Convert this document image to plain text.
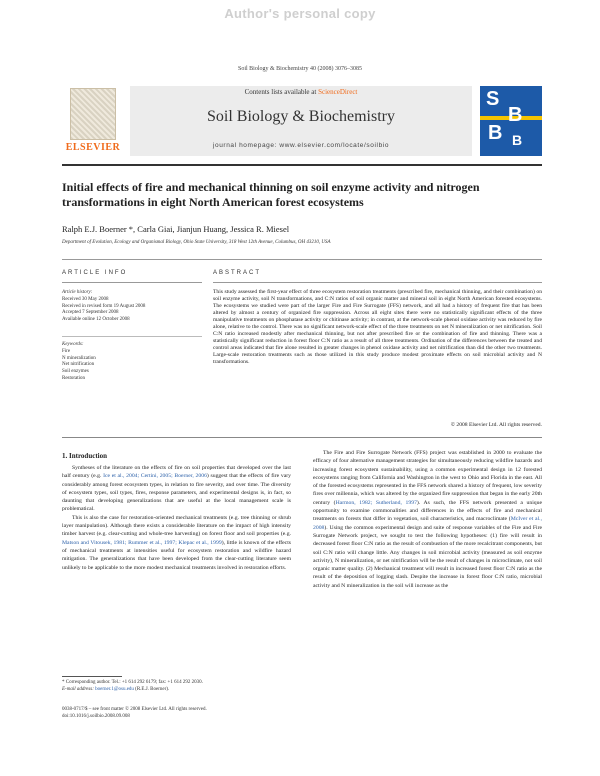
Author's personal copy
Soil Biology & Biochemistry 40 (2008) 3076–3085
ELSEVIER
Contents lists available at ScienceDirect
Soil Biology & Biochemistry
journal homepage: www.elsevier.com/locate/soilbio
S
B
B B
Initial effects of fire and mechanical thinning on soil enzyme activity and nitrogen transformations in eight North American forest ecosystems
Ralph E.J. Boerner *, Carla Giai, Jianjun Huang, Jessica R. Miesel
Department of Evolution, Ecology and Organismal Biology, Ohio State University, 318 West 12th Avenue, Columbus, OH 43210, USA
ARTICLE INFO	ABSTRACT
Article history:
Received 30 May 2008
Received in revised form 19 August 2008
Accepted 7 September 2008
Available online 12 October 2008
Keywords:
Fire
N mineralization
Net nitrification
Soil enzymes
Restoration
This study assessed the first-year effect of three ecosystem restoration treatments (prescribed fire, mechanical thinning, and their combination) on soil enzyme activity, soil N transformations, and C:N ratios of soil organic matter and mineral soil in eight North American forested ecosystems. The ecosystems we studied were part of the larger Fire and Fire Surrogate (FFS) network, and all had a history of frequent fire that has been altered by almost a century of organized fire suppression. Across all eight sites there were no statistically significant effects of the three manipulative treatments on phosphatase activity or chitinase activity; in contrast, at the network-scale phenol oxidase activity was reduced by fire alone, relative to the control. There was no significant network-scale effect of the three treatments on net N mineralization or net nitrification. Soil C:N ratio increased modestly after mechanical thinning, but not after prescribed fire or the combination of fire and thinning. There was a statistically significant reduction in forest floor C:N ratio as a result of all three treatments. Ordination of the differences between the treated and control areas indicated that fire alone resulted in greater changes in phenol oxidase activity and net nitrification than did the other two treatments. Large-scale restoration treatments such as those utilized in this study produce modest proximate effects on soil microbial activity and N transformations.
© 2008 Elsevier Ltd. All rights reserved.
1. Introduction

Syntheses of the literature on the effects of fire on soil properties that developed over the last half century (e.g. Ice et al., 2004; Certini, 2005; Boerner, 2006) suggest that the effects of fire vary considerably among forest ecosystem types, in relation to fire severity, and over time. The diversity of ecosystem types, soil types, fires, response parameters, and experimental designs is, in fact, so daunting that developing generalizations that are useful at the local management scale is problematical.

This is also the case for restoration-oriented mechanical treatments (e.g. tree thinning or shrub layer manipulation). Although there exists a considerable literature on the impact of high intensity timber harvest (e.g. clear-cutting and whole-tree harvesting) on forest floor and soil properties (e.g. Matson and Vitousek, 1981; Rummer et al., 1997; Klepac et al., 1999), little is known of the effects of mechanical treatments at intensities useful for ecosystem restoration and wildfire hazard mitigation. The generalizations that have been developed from the clear-cutting literature seem unlikely to be applicable to the more modest mechanical treatments involved in restoration efforts.

The Fire and Fire Surrogate Network (FFS) project was established in 2000 to evaluate the efficacy of four alternative management strategies for simultaneously reducing wildfire hazards and increasing forest ecosystem sustainability, using a common experimental design in 12 forested ecosystems ranging from California and Washington in the west to Ohio and Florida in the east. All of the forested ecosystems represented in the FFS network shared a history of frequent, low severity fires over millennia, which was altered by the organized fire suppression that began in the early 20th century (Harmon, 1982; Sutherland, 1997). As such, the FFS network presented a unique opportunity to examine commonalities and differences in the effects of fire and mechanical treatments on forests that differ in vegetation, soil characteristics, and macroclimate (McIver et al., 2008). Using the common experimental design and suite of response variables of the Fire and Fire Surrogate Network project, we sought to test the following hypotheses: (1) fire will result in decreased forest floor C:N ratio as the result of combustion of the more recalcitrant components, but soil C:N ratio will change little. Any changes in soil microbial activity (measured as soil enzyme activity), N mineralization, or net nitrification will be the result of changes in microclimate, not soil organic matter quality. (2) Mechanical treatment will result in increased forest floor C:N ratio as the result of the deposition of logging slash. Despite the increase in forest floor C:N ratio, microbial activity and N mineralization in the soil will increase as the

* Corresponding author. Tel.: +1 614 292 6179; fax: +1 614 292 2030.
E-mail address: boerner.1@osu.edu (R.E.J. Boerner).
0038-0717/$ – see front matter © 2008 Elsevier Ltd. All rights reserved.
doi:10.1016/j.soilbio.2008.09.008
